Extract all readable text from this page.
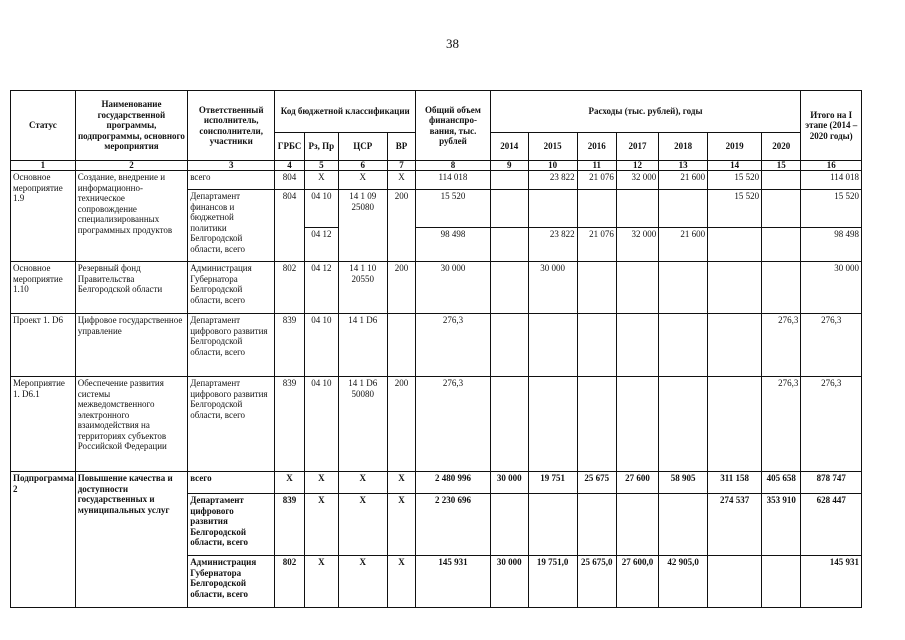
38
Статус	Наименование государственной программы, подпрограммы, основного мероприятия	Ответственный исполнитель, соисполнители, участники	Код бюджетной классификации				Общий объем финанспро-вания, тыс. рублей	Расходы (тыс. рублей), годы							Итого на I этапе (2014 – 2020 годы)
			ГРБС	Рз, Пр	ЦСР	ВР		2014	2015	2016	2017	2018	2019	2020	
1	2	3	4	5	6	7	8	9	10	11	12	13	14	15	16
Основное мероприятие 1.9	Создание, внедрение и информационно-техническое сопровождение специализированных программных продуктов	всего	804	Х	Х	Х	114 018		23 822	21 076	32 000	21 600	15 520		114 018
		Департамент финансов и бюджетной политики Белгородской области, всего	804	04 10	14 1 09 25080	200	15 520						15 520		15 520
				04 12			98 498		23 822	21 076	32 000	21 600			98 498
Основное мероприятие 1.10	Резервный фонд Правительства Белгородской области	Администрация Губернатора Белгородской области, всего	802	04 12	14 1 10 20550	200	30 000		30 000						30 000
Проект 1. D6	Цифровое государственное управление	Департамент цифрового развития Белгородской области, всего	839	04 10	14 1 D6		276,3							276,3	276,3
Мероприятие 1. D6.1	Обеспечение развития системы межведомственного электронного взаимодействия на территориях субъектов Российской Федерации	Департамент цифрового развития Белгородской области, всего	839	04 10	14 1 D6 50080	200	276,3							276,3	276,3
Подпрограмма 2	Повышение качества и доступности государственных и муниципальных услуг	всего	Х	Х	Х	Х	2 480 996	30 000	19 751	25 675	27 600	58 905	311 158	405 658	878 747
		Департамент цифрового развития Белгородской области, всего	839	Х	Х	Х	2 230 696						274 537	353 910	628 447
		Администрация Губернатора Белгородской области, всего	802	Х	Х	Х	145 931	30 000	19 751,0	25 675,0	27 600,0	42 905,0			145 931
